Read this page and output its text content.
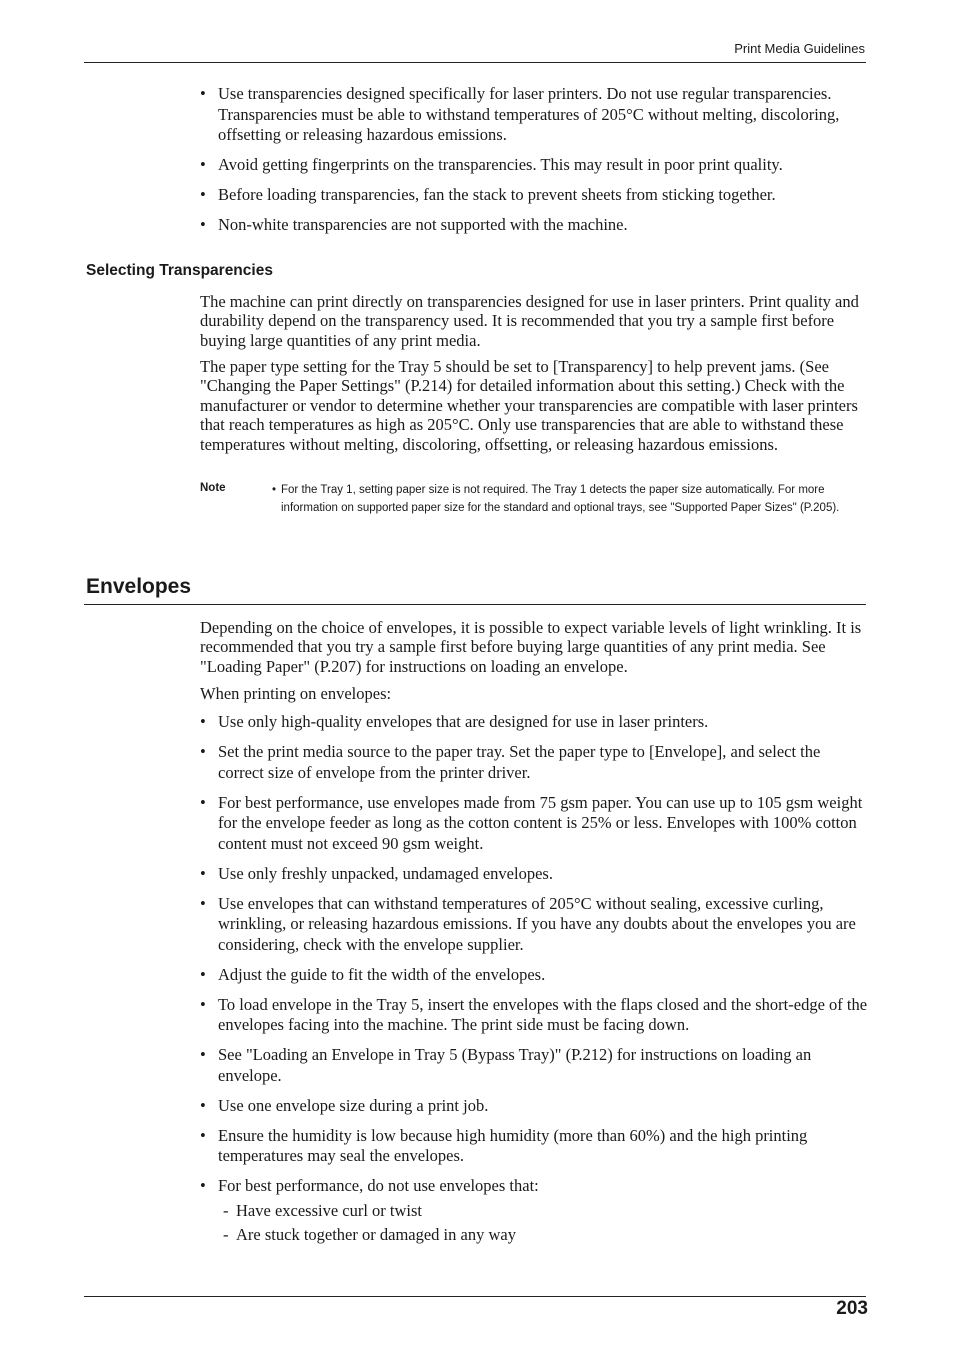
Print Media Guidelines
• Use transparencies designed specifically for laser printers. Do not use regular transparencies. Transparencies must be able to withstand temperatures of 205°C without melting, discoloring, offsetting or releasing hazardous emissions.
• Avoid getting fingerprints on the transparencies. This may result in poor print quality.
• Before loading transparencies, fan the stack to prevent sheets from sticking together.
• Non-white transparencies are not supported with the machine.
Selecting Transparencies

The machine can print directly on transparencies designed for use in laser printers. Print quality and durability depend on the transparency used. It is recommended that you try a sample first before buying large quantities of any print media.

The paper type setting for the Tray 5 should be set to [Transparency] to help prevent jams. (See "Changing the Paper Settings" (P.214) for detailed information about this setting.) Check with the manufacturer or vendor to determine whether your transparencies are compatible with laser printers that reach temperatures as high as 205°C. Only use transparencies that are able to withstand these temperatures without melting, discoloring, offsetting, or releasing hazardous emissions.

Note	• For the Tray 1, setting paper size is not required. The Tray 1 detects the paper size automatically. For more information on supported paper size for the standard and optional trays, see "Supported Paper Sizes" (P.205).
Envelopes

Depending on the choice of envelopes, it is possible to expect variable levels of light wrinkling. It is recommended that you try a sample first before buying large quantities of any print media. See "Loading Paper" (P.207) for instructions on loading an envelope.

When printing on envelopes:

• Use only high-quality envelopes that are designed for use in laser printers.
• Set the print media source to the paper tray. Set the paper type to [Envelope], and select the correct size of envelope from the printer driver.
• For best performance, use envelopes made from 75 gsm paper. You can use up to 105 gsm weight for the envelope feeder as long as the cotton content is 25% or less. Envelopes with 100% cotton content must not exceed 90 gsm weight.
• Use only freshly unpacked, undamaged envelopes.
• Use envelopes that can withstand temperatures of 205°C without sealing, excessive curling, wrinkling, or releasing hazardous emissions. If you have any doubts about the envelopes you are considering, check with the envelope supplier.
• Adjust the guide to fit the width of the envelopes.
• To load envelope in the Tray 5, insert the envelopes with the flaps closed and the short-edge of the envelopes facing into the machine. The print side must be facing down.
• See "Loading an Envelope in Tray 5 (Bypass Tray)" (P.212) for instructions on loading an envelope.
• Use one envelope size during a print job.
• Ensure the humidity is low because high humidity (more than 60%) and the high printing temperatures may seal the envelopes.
• For best performance, do not use envelopes that:
- Have excessive curl or twist
- Are stuck together or damaged in any way
203
